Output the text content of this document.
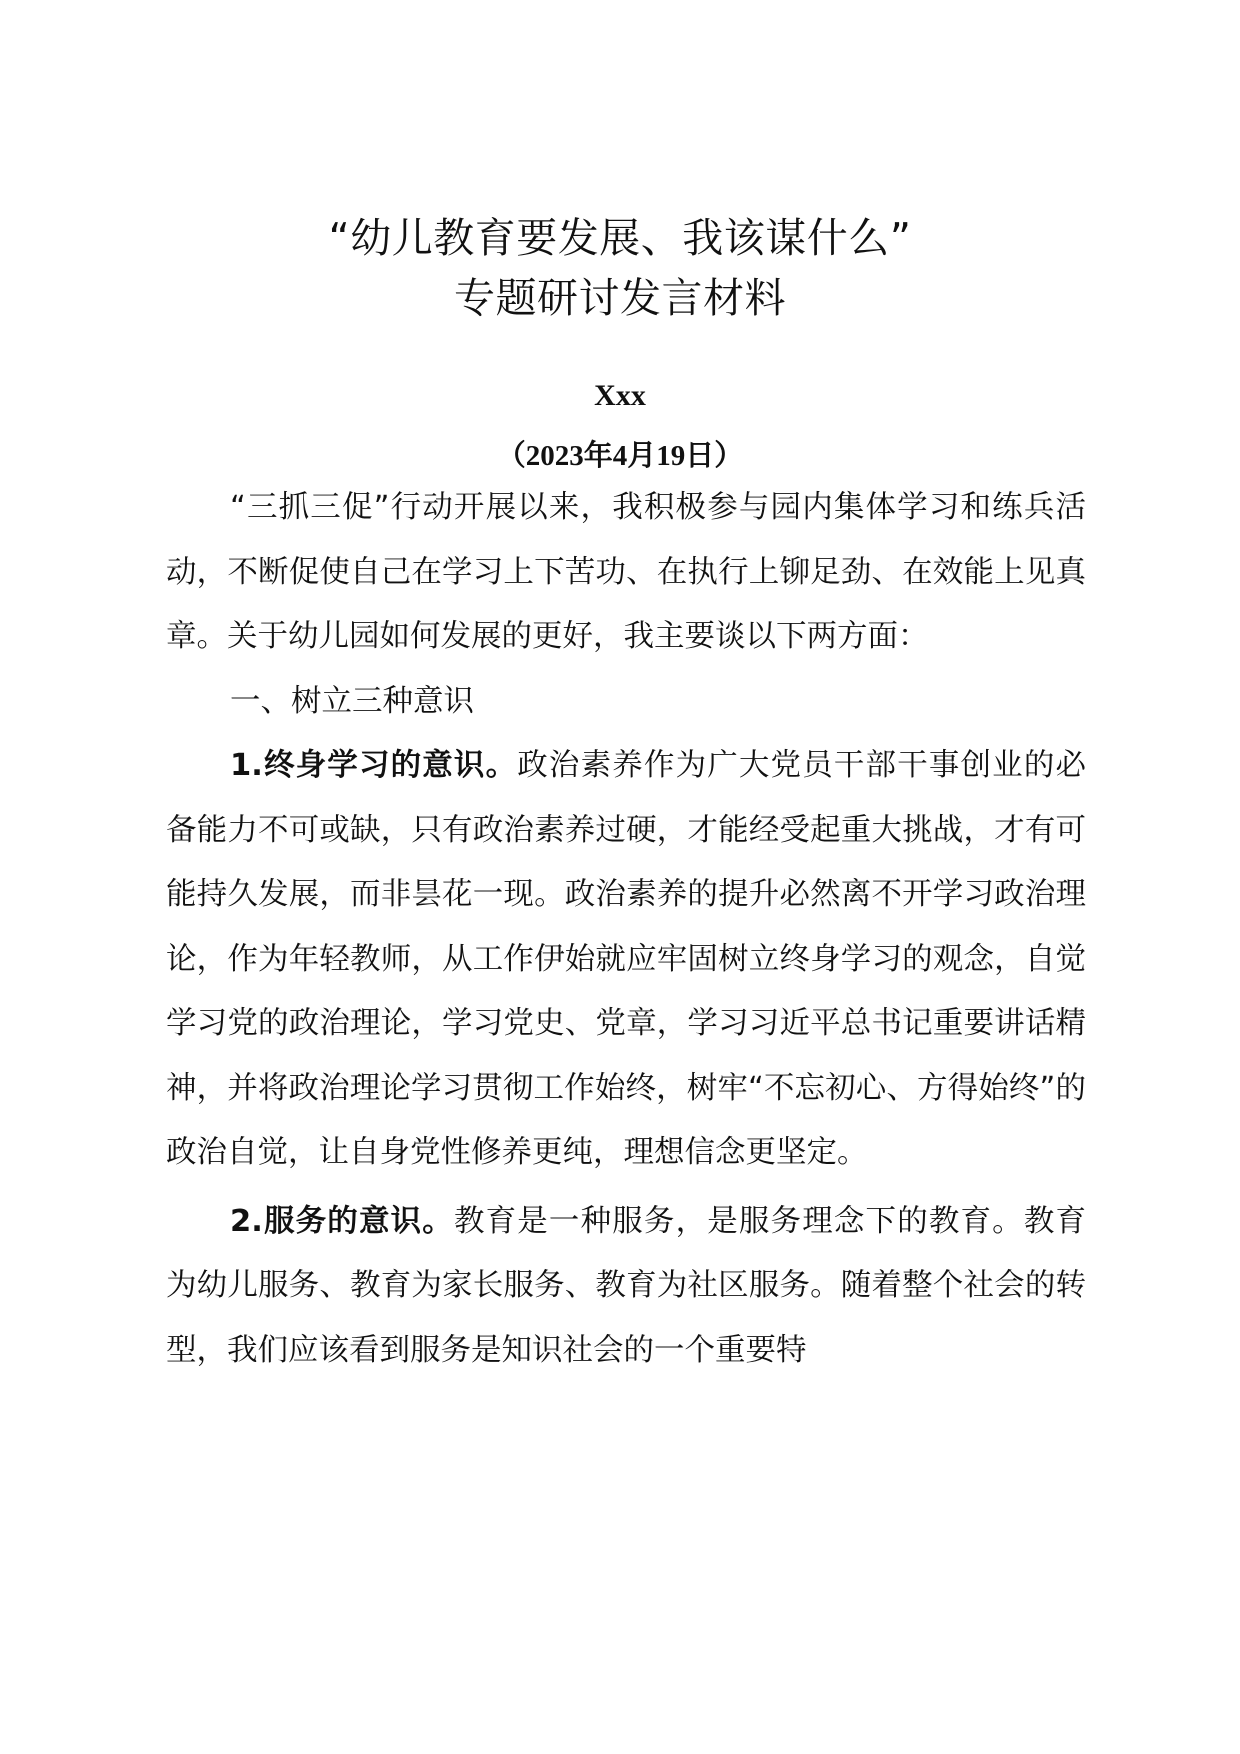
“幼儿教育要发展、我该谋什么”
专题研讨发言材料
Xxx
（2023年4月19日）

“三抓三促”行动开展以来，我积极参与园内集体学习和练兵活动，不断促使自己在学习上下苦功、在执行上铆足劲、在效能上见真章。关于幼儿园如何发展的更好，我主要谈以下两方面：

一、树立三种意识

1.终身学习的意识。政治素养作为广大党员干部干事创业的必备能力不可或缺，只有政治素养过硬，才能经受起重大挑战，才有可能持久发展，而非昙花一现。政治素养的提升必然离不开学习政治理论，作为年轻教师，从工作伊始就应牢固树立终身学习的观念，自觉学习党的政治理论，学习党史、党章，学习习近平总书记重要讲话精神，并将政治理论学习贯彻工作始终，树牢“不忘初心、方得始终”的政治自觉，让自身党性修养更纯，理想信念更坚定。

2.服务的意识。教育是一种服务，是服务理念下的教育。教育为幼儿服务、教育为家长服务、教育为社区服务。随着整个社会的转型，我们应该看到服务是知识社会的一个重要特
